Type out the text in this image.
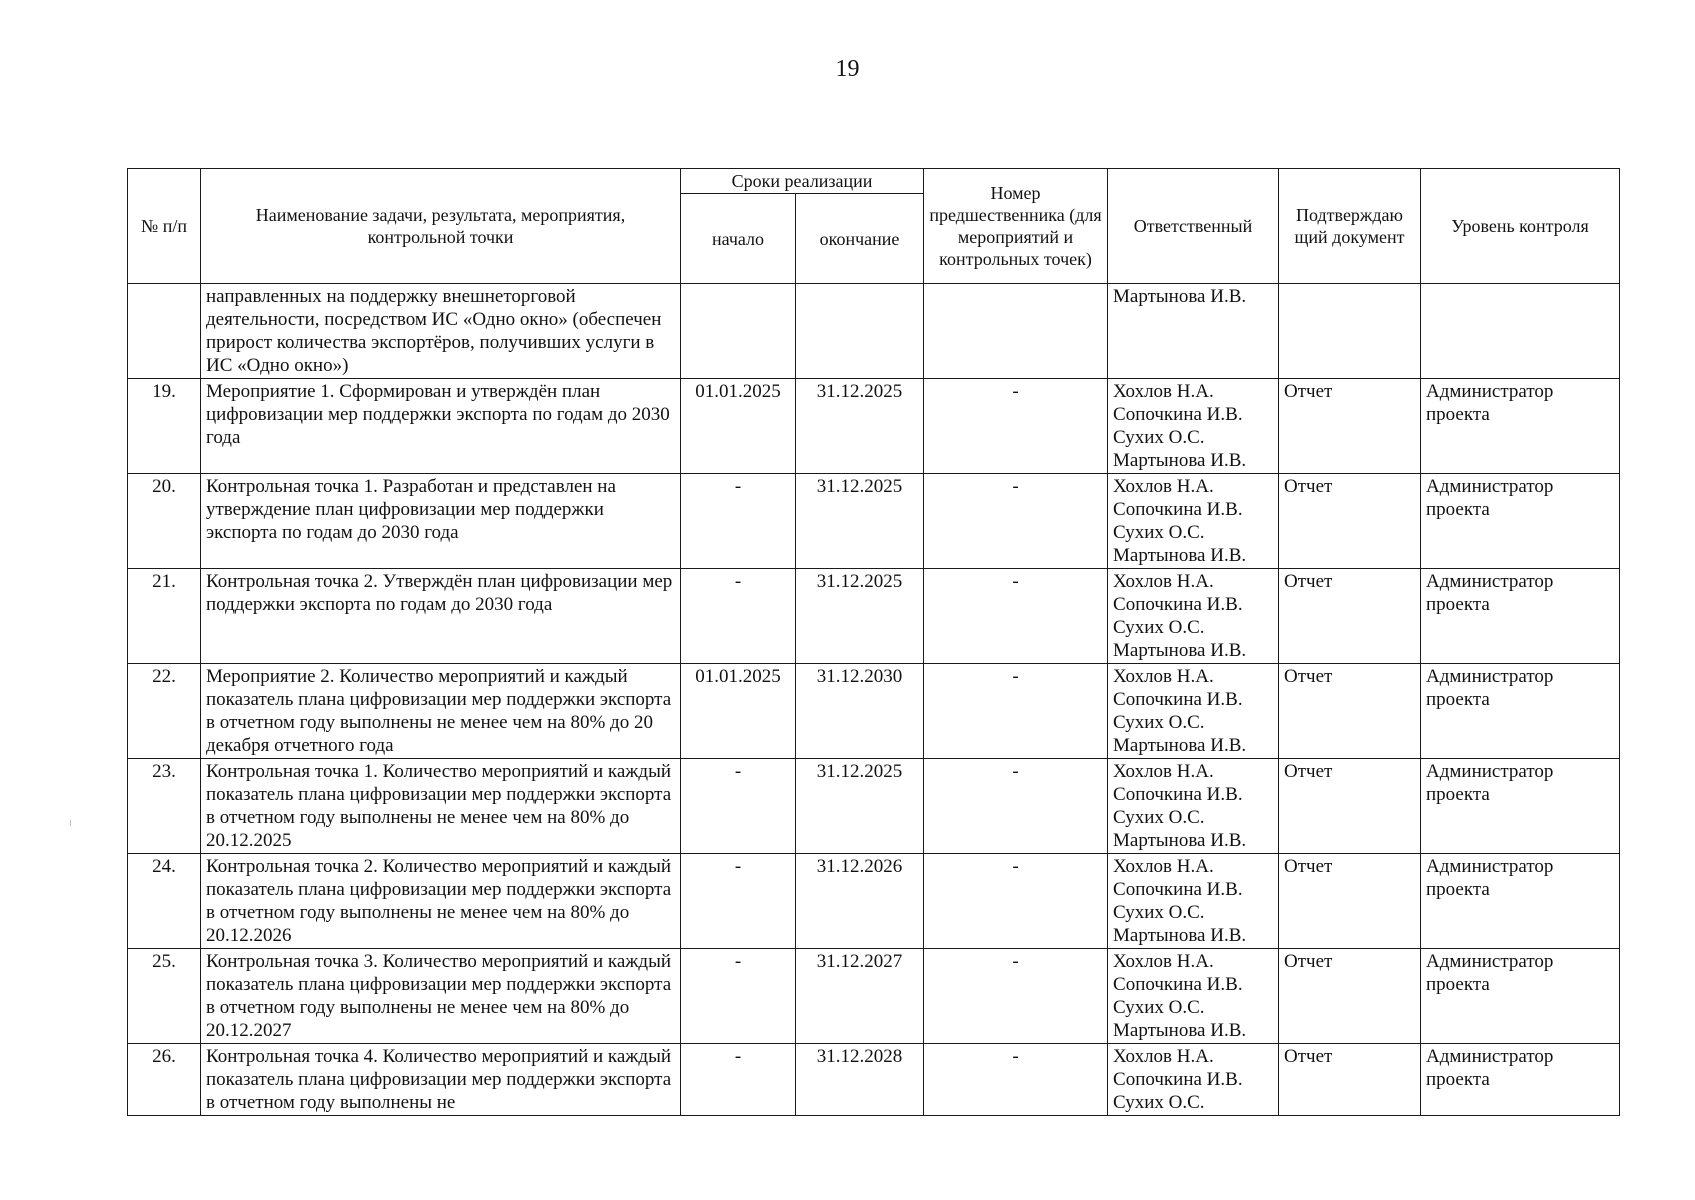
19
№ п/п	Наименование задачи, результата, мероприятия, контрольной точки	Сроки реализации		Номер предшественника (для мероприятий и контрольных точек)	Ответственный	Подтверждаю щий документ	Уровень контроля
		начало	окончание				
	направленных на поддержку внешнеторговой деятельности, посредством ИС «Одно окно» (обеспечен прирост количества экспортёров, получивших услуги в ИС «Одно окно»)				Мартынова И.В.		

19.	Мероприятие 1. Сформирован и утверждён план цифровизации мер поддержки экспорта по годам до 2030 года	01.01.2025	31.12.2025	-	Хохлов Н.А.
Сопочкина И.В.
Сухих О.С.
Мартынова И.В.	Отчет	Администратор проекта
20.	Контрольная точка 1. Разработан и представлен на утверждение план цифровизации мер поддержки экспорта по годам до 2030 года	-	31.12.2025	-	Хохлов Н.А.
Сопочкина И.В.
Сухих О.С.
Мартынова И.В.	Отчет	Администратор проекта
21.	Контрольная точка 2. Утверждён план цифровизации мер поддержки экспорта по годам до 2030 года	-	31.12.2025	-	Хохлов Н.А.
Сопочкина И.В.
Сухих О.С.
Мартынова И.В.	Отчет	Администратор проекта
22.	Мероприятие 2. Количество мероприятий и каждый показатель плана цифровизации мер поддержки экспорта в отчетном году выполнены не менее чем на 80% до 20 декабря отчетного года	01.01.2025	31.12.2030	-	Хохлов Н.А.
Сопочкина И.В.
Сухих О.С.
Мартынова И.В.	Отчет	Администратор проекта
23.	Контрольная точка 1. Количество мероприятий и каждый показатель плана цифровизации мер поддержки экспорта в отчетном году выполнены не менее чем на 80% до 20.12.2025	-	31.12.2025	-	Хохлов Н.А.
Сопочкина И.В.
Сухих О.С.
Мартынова И.В.	Отчет	Администратор проекта
24.	Контрольная точка 2. Количество мероприятий и каждый показатель плана цифровизации мер поддержки экспорта в отчетном году выполнены не менее чем на 80% до 20.12.2026	-	31.12.2026	-	Хохлов Н.А.
Сопочкина И.В.
Сухих О.С.
Мартынова И.В.	Отчет	Администратор проекта
25.	Контрольная точка 3. Количество мероприятий и каждый показатель плана цифровизации мер поддержки экспорта в отчетном году выполнены не менее чем на 80% до 20.12.2027	-	31.12.2027	-	Хохлов Н.А.
Сопочкина И.В.
Сухих О.С.
Мартынова И.В.	Отчет	Администратор проекта
26.	Контрольная точка 4. Количество мероприятий и каждый показатель плана цифровизации мер поддержки экспорта в отчетном году выполнены не	-	31.12.2028	-	Хохлов Н.А.
Сопочкина И.В.
Сухих О.С.	Отчет	Администратор проекта
